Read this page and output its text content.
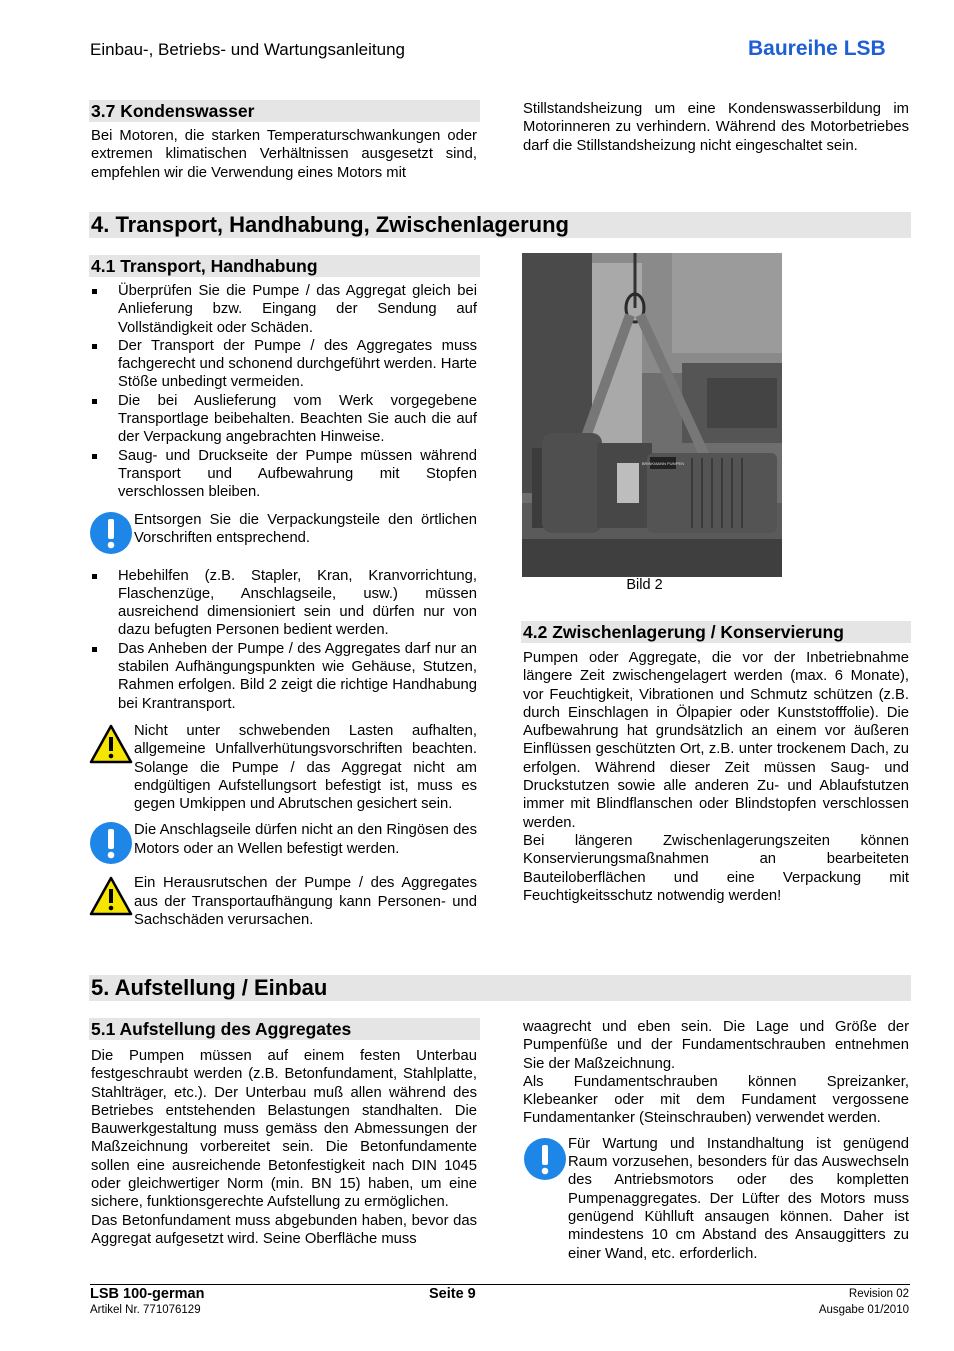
Einbau-, Betriebs- und Wartungsanleitung	Baureihe LSB
3.7 Kondenswasser

Bei Motoren, die starken Temperaturschwankungen oder extremen klimatischen Verhältnissen ausgesetzt sind, empfehlen wir die Verwendung eines Motors mit

Stillstandsheizung um eine Kondenswasserbildung im Motorinneren zu verhindern. Während des Motorbetriebes darf die Stillstandsheizung nicht eingeschaltet sein.

4. Transport, Handhabung, Zwischenlagerung
4.1 Transport, Handhabung
Überprüfen Sie die Pumpe / das Aggregat gleich bei Anlieferung bzw. Eingang der Sendung auf Vollständigkeit oder Schäden.
Der Transport der Pumpe / des Aggregates muss fachgerecht und schonend durchgeführt werden. Harte Stöße unbedingt vermeiden.
Die bei Auslieferung vom Werk vorgegebene Transportlage beibehalten. Beachten Sie auch die auf der Verpackung angebrachten Hinweise.
Saug- und Druckseite der Pumpe müssen während Transport und Aufbewahrung mit Stopfen verschlossen bleiben.

Entsorgen Sie die Verpackungsteile den örtlichen Vorschriften entsprechend.

Hebehilfen (z.B. Stapler, Kran, Kranvorrichtung, Flaschenzüge, Anschlagseile, usw.) müssen ausreichend dimensioniert sein und dürfen nur von dazu befugten Personen bedient werden.
Das Anheben der Pumpe / des Aggregates darf nur an stabilen Aufhängungspunkten wie Gehäuse, Stutzen, Rahmen erfolgen. Bild 2 zeigt die richtige Handhabung bei Krantransport.

Nicht unter schwebenden Lasten aufhalten, allgemeine Unfallverhütungsvorschriften beachten. Solange die Pumpe / das Aggregat nicht am endgültigen Aufstellungsort befestigt ist, muss es gegen Umkippen und Abrutschen gesichert sein.

Die Anschlagseile dürfen nicht an den Ringösen des Motors oder an Wellen befestigt werden.

Ein Herausrutschen der Pumpe / des Aggregates aus der Transportaufhängung kann Personen- und Sachschäden verursachen.

BRINKMANN PUMPEN
Bild 2
4.2 Zwischenlagerung / Konservierung

Pumpen oder Aggregate, die vor der Inbetriebnahme längere Zeit zwischengelagert werden (max. 6 Monate), vor Feuchtigkeit, Vibrationen und Schmutz schützen (z.B. durch Einschlagen in Ölpapier oder Kunststofffolie). Die Aufbewahrung hat grundsätzlich an einem vor äußeren Einflüssen geschützten Ort, z.B. unter trockenem Dach, zu erfolgen. Während dieser Zeit müssen Saug- und Druckstutzen sowie alle anderen Zu- und Ablaufstutzen immer mit Blindflanschen oder Blindstopfen verschlossen werden.

Bei längeren Zwischenlagerungszeiten können Konservierungsmaßnahmen an bearbeiteten Bauteiloberflächen und eine Verpackung mit Feuchtigkeitsschutz notwendig werden!

5. Aufstellung / Einbau
5.1 Aufstellung des Aggregates

Die Pumpen müssen auf einem festen Unterbau festgeschraubt werden (z.B. Betonfundament, Stahlplatte, Stahlträger, etc.). Der Unterbau muß allen während des Betriebes entstehenden Belastungen standhalten. Die Bauwerkgestaltung muss gemäss den Abmessungen der Maßzeichnung vorbereitet sein. Die Betonfundamente sollen eine ausreichende Betonfestigkeit nach DIN 1045 oder gleichwertiger Norm (min. BN 15) haben, um eine sichere, funktionsgerechte Aufstellung zu ermöglichen.

Das Betonfundament muss abgebunden haben, bevor das Aggregat aufgesetzt wird. Seine Oberfläche muss

waagrecht und eben sein. Die Lage und Größe der Pumpenfüße und der Fundamentschrauben entnehmen Sie der Maßzeichnung.

Als Fundamentschrauben können Spreizanker, Klebeanker oder mit dem Fundament vergossene Fundamentanker (Steinschrauben) verwendet werden.

Für Wartung und Instandhaltung ist genügend Raum vorzusehen, besonders für das Auswechseln des Antriebsmotors oder des kompletten Pumpenaggregates. Der Lüfter des Motors muss genügend Kühlluft ansaugen können. Daher ist mindestens 10 cm Abstand des Ansauggitters zu einer Wand, etc. erforderlich.

LSB 100-german
Artikel Nr. 771076129
Seite 9	Revision 02
Ausgabe 01/2010
